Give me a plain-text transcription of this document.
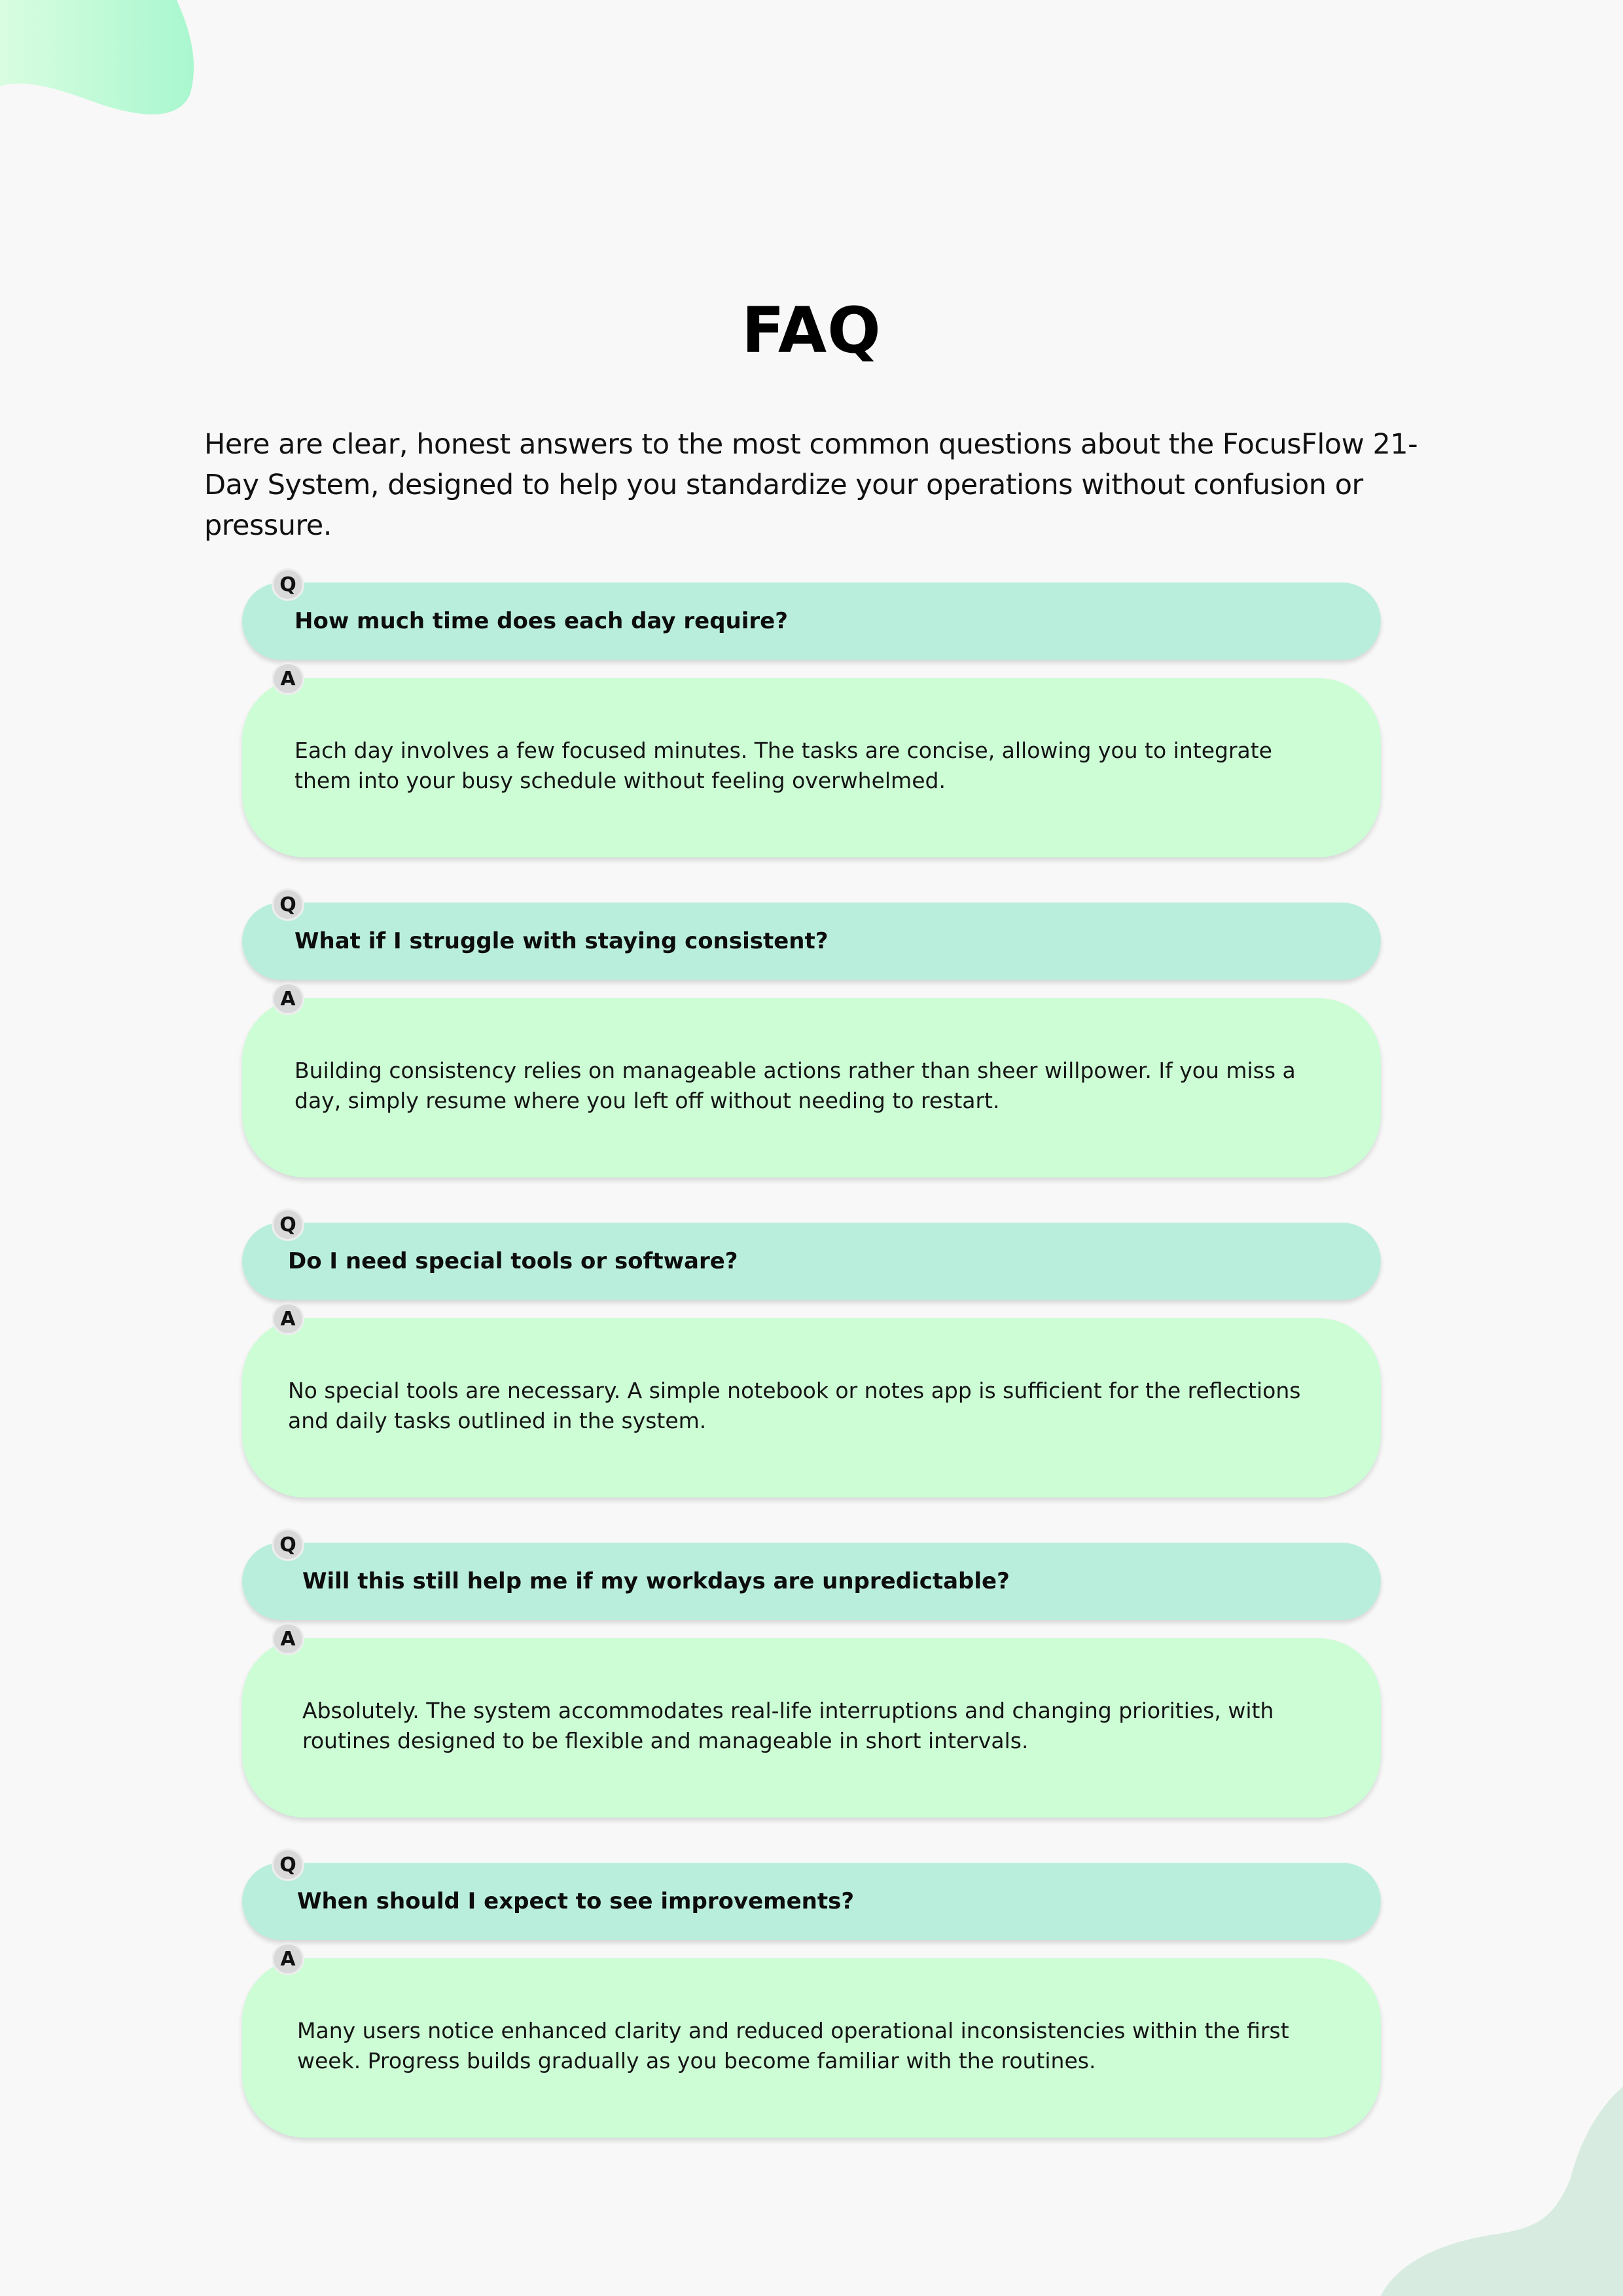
FAQ
Here are clear, honest answers to the most common questions about the FocusFlow 21-Day System, designed to help you standardize your operations without confusion or pressure.
Q
How much time does each day require?
A
Each day involves a few focused minutes. The tasks are concise, allowing you to integrate them into your busy schedule without feeling overwhelmed.
Q
What if I struggle with staying consistent?
A
Building consistency relies on manageable actions rather than sheer willpower. If you miss a day, simply resume where you left off without needing to restart.
Q
Do I need special tools or software?
A
No special tools are necessary. A simple notebook or notes app is sufficient for the reflections and daily tasks outlined in the system.
Q
Will this still help me if my workdays are unpredictable?
A
Absolutely. The system accommodates real-life interruptions and changing priorities, with routines designed to be flexible and manageable in short intervals.
Q
When should I expect to see improvements?
A
Many users notice enhanced clarity and reduced operational inconsistencies within the first week. Progress builds gradually as you become familiar with the routines.
